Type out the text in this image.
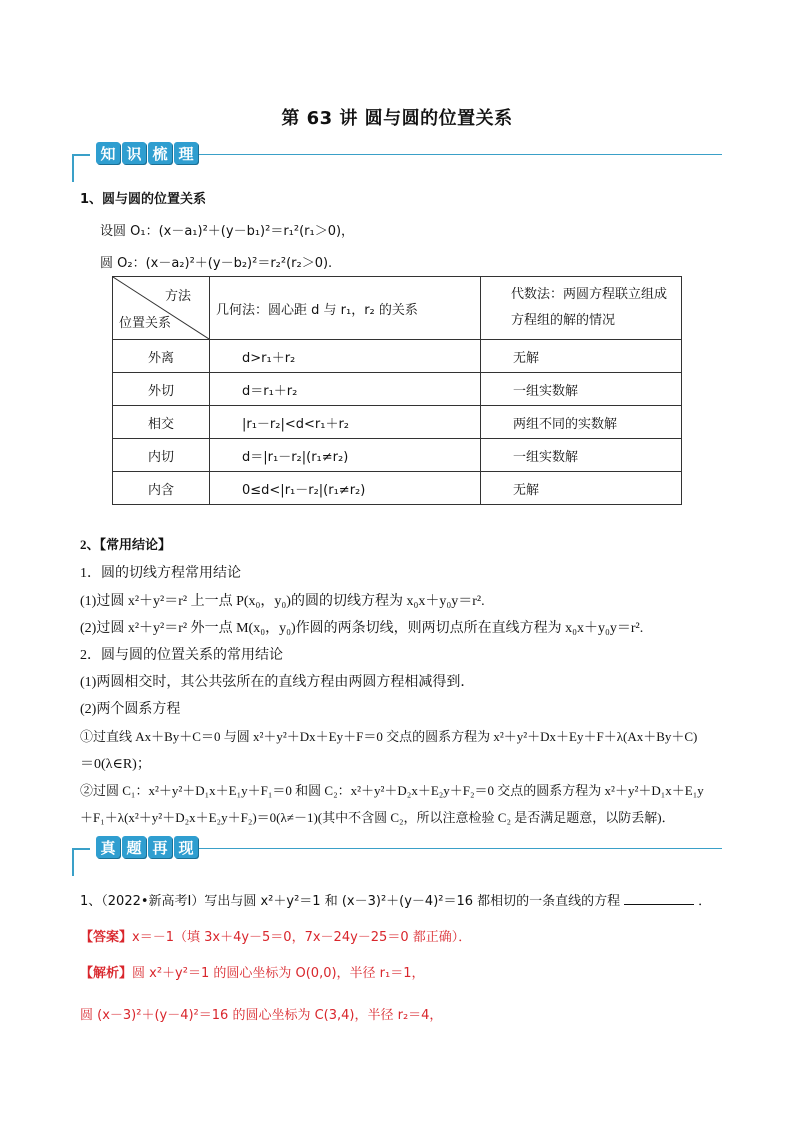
第 63 讲 圆与圆的位置关系
知 识 梳 理
1、圆与圆的位置关系
设圆 O₁：(x－a₁)²＋(y－b₁)²＝r₁²(r₁＞0)，
圆 O₂：(x－a₂)²＋(y－b₂)²＝r₂²(r₂＞0).
方法
位置关系	几何法：圆心距 d 与 r₁，r₂ 的关系	代数法：两圆方程联立组成方程组的解的情况
外离	d>r₁＋r₂	无解
外切	d＝r₁＋r₂	一组实数解
相交	|r₁－r₂|<d<r₁＋r₂	两组不同的实数解
内切	d＝|r₁－r₂|(r₁≠r₂)	一组实数解
内含	0≤d<|r₁－r₂|(r₁≠r₂)	无解
2、【常用结论】
1．圆的切线方程常用结论
(1)过圆 x²＋y²＝r² 上一点 P(x₀，y₀)的圆的切线方程为 x₀x＋y₀y＝r².
(2)过圆 x²＋y²＝r² 外一点 M(x₀，y₀)作圆的两条切线，则两切点所在直线方程为 x₀x＋y₀y＝r².
2．圆与圆的位置关系的常用结论
(1)两圆相交时，其公共弦所在的直线方程由两圆方程相减得到．
(2)两个圆系方程
①过直线 Ax＋By＋C＝0 与圆 x²＋y²＋Dx＋Ey＋F＝0 交点的圆系方程为 x²＋y²＋Dx＋Ey＋F＋λ(Ax＋By＋C)
＝0(λ∈R)；
②过圆 C₁：x²＋y²＋D₁x＋E₁y＋F₁＝0 和圆 C₂：x²＋y²＋D₂x＋E₂y＋F₂＝0 交点的圆系方程为 x²＋y²＋D₁x＋E₁y
＋F₁＋λ(x²＋y²＋D₂x＋E₂y＋F₂)＝0(λ≠－1)(其中不含圆 C₂，所以注意检验 C₂ 是否满足题意，以防丢解)．
真 题 再 现
1、（2022•新高考Ⅰ）写出与圆 x²＋y²＝1 和 (x－3)²＋(y－4)²＝16 都相切的一条直线的方程	．
【答案】x＝－1（填 3x＋4y－5＝0，7x－24y－25＝0 都正确）．
【解析】圆 x²＋y²＝1 的圆心坐标为 O(0,0)，半径 r₁＝1，
圆 (x－3)²＋(y－4)²＝16 的圆心坐标为 C(3,4)，半径 r₂＝4，
